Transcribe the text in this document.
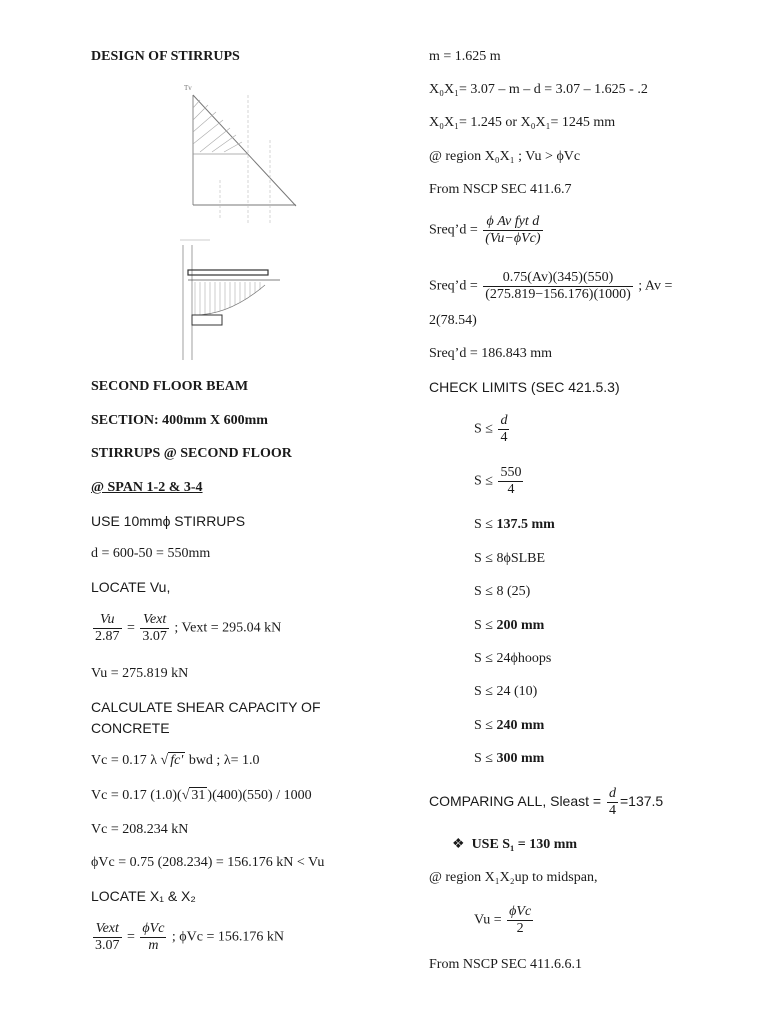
DESIGN OF STIRRUPS
Tv
SECOND FLOOR BEAM
SECTION: 400mm X 600mm
STIRRUPS @ SECOND FLOOR
@ SPAN 1-2 & 3-4
USE 10mmϕ STIRRUPS
d = 600-50 = 550mm
LOCATE Vu,
$\frac{Vu}{2.87} = \frac{\text{Vext}}{3.07}$ ; Vext = 295.04 kN
Vu = 275.819 kN
CALCULATE SHEAR CAPACITY OF
CONCRETE
Vc = 0.17 λ √ fc' bwd ; λ= 1.0
Vc = 0.17 (1.0)(√ 31 )(400)(550) / 1000
Vc = 208.234 kN
ϕVc = 0.75 (208.234) = 156.176 kN < Vu
LOCATE X₁ & X₂
$\frac{\text{Vext}}{3.07} = \frac{\text{ϕVc}}{m}$ ; ϕVc = 156.176 kN
m = 1.625 m
X₀X₁= 3.07 – m – d = 3.07 – 1.625 - .2
X₀X₁= 1.245 or X₀X₁= 1245 mm
@ region X₀X₁ ; Vu > ϕVc
From NSCP SEC 411.6.7
Sreq’d = $\frac{\text{ϕ Av fyt d}}{\text{(Vu−ϕVc)}}$
Sreq’d = $\frac{0.75(Av)(345)(550)}{(275.819-156.176)(1000)}$ ; Av =
2(78.54)
Sreq’d = 186.843 mm
CHECK LIMITS (SEC 421.5.3)
$S \le \frac{d}{4}$
$S \le \frac{550}{4}$
S ≤ 137.5 mm
S ≤ 8ϕSLBE
S ≤ 8 (25)
S ≤ 200 mm
S ≤ 24ϕhoops
S ≤ 24 (10)
S ≤ 240 mm
S ≤ 300 mm
COMPARING ALL, Sleast = $\frac{d}{4} =137.5$
❖ USE S₁ = 130 mm
@ region X₁X₂up to midspan,
$Vu = \frac{\text{ϕVc}}{2}$
From NSCP SEC 411.6.6.1
